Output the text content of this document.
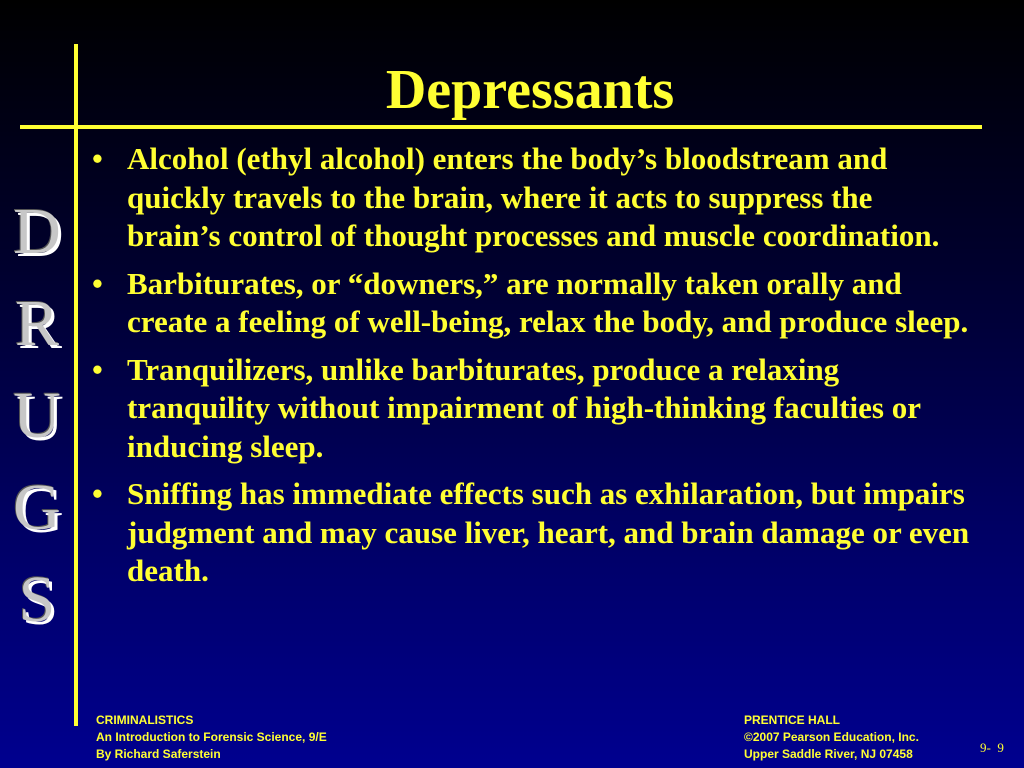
Depressants
D
R
U
G
S
• Alcohol (ethyl alcohol) enters the body’s bloodstream and quickly travels to the brain, where it acts to suppress the brain’s control of thought processes and muscle coordination.
• Barbiturates, or “downers,” are normally taken orally and create a feeling of well-being, relax the body, and produce sleep.
• Tranquilizers, unlike barbiturates, produce a relaxing tranquility without impairment of high-thinking faculties or inducing sleep.
• Sniffing has immediate effects such as exhilaration, but impairs judgment and may cause liver, heart, and brain damage or even death.
CRIMINALISTICS
An Introduction to Forensic Science, 9/E
By Richard Saferstein
PRENTICE HALL
©2007 Pearson Education, Inc.
Upper Saddle River, NJ 07458	9-  9
